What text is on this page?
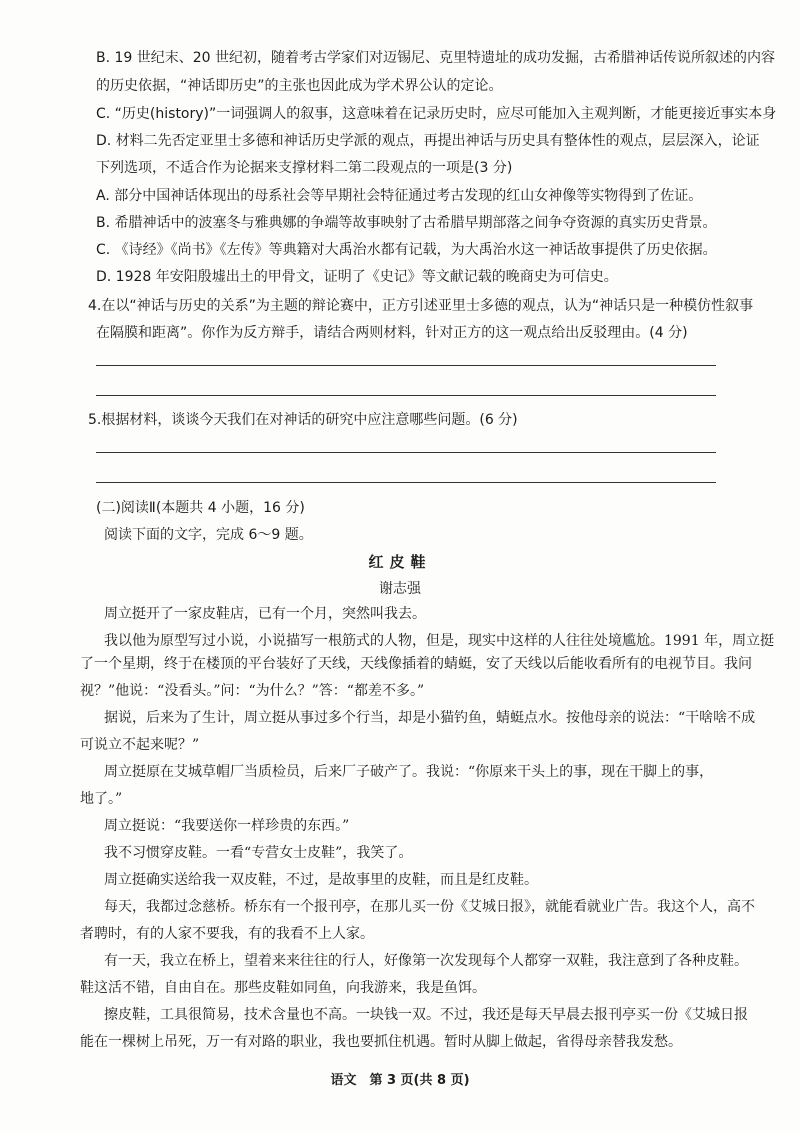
B. 19 世纪末、20 世纪初，随着考古学家们对迈锡尼、克里特遗址的成功发掘，古希腊神话传说所叙述的内容
的历史依据，“神话即历史”的主张也因此成为学术界公认的定论。
C. “历史(history)”一词强调人的叙事，这意味着在记录历史时，应尽可能加入主观判断，才能更接近事实本身
D. 材料二先否定亚里士多德和神话历史学派的观点，再提出神话与历史具有整体性的观点，层层深入，论证
下列选项，不适合作为论据来支撑材料二第二段观点的一项是(3 分)
A. 部分中国神话体现出的母系社会等早期社会特征通过考古发现的红山女神像等实物得到了佐证。
B. 希腊神话中的波塞冬与雅典娜的争端等故事映射了古希腊早期部落之间争夺资源的真实历史背景。
C. 《诗经》《尚书》《左传》等典籍对大禹治水都有记载，为大禹治水这一神话故事提供了历史依据。
D. 1928 年安阳殷墟出土的甲骨文，证明了《史记》等文献记载的晚商史为可信史。
4.在以“神话与历史的关系”为主题的辩论赛中，正方引述亚里士多德的观点，认为“神话只是一种模仿性叙事
在隔膜和距离”。你作为反方辩手，请结合两则材料，针对正方的这一观点给出反驳理由。(4 分)
5.根据材料，谈谈今天我们在对神话的研究中应注意哪些问题。(6 分)
(二)阅读Ⅱ(本题共 4 小题，16 分)
阅读下面的文字，完成 6～9 题。
红皮鞋
谢志强
周立挺开了一家皮鞋店，已有一个月，突然叫我去。
我以他为原型写过小说，小说描写一根筋式的人物，但是，现实中这样的人往往处境尴尬。1991 年，周立挺
了一个星期，终于在楼顶的平台装好了天线，天线像插着的蜻蜓，安了天线以后能收看所有的电视节目。我问
视？”他说：“没看头。”问：“为什么？”答：“都差不多。”
据说，后来为了生计，周立挺从事过多个行当，却是小猫钓鱼，蜻蜓点水。按他母亲的说法：“干啥啥不成
可说立不起来呢？”
周立挺原在艾城草帽厂当质检员，后来厂子破产了。我说：“你原来干头上的事，现在干脚上的事，
地了。”
周立挺说：“我要送你一样珍贵的东西。”
我不习惯穿皮鞋。一看“专营女士皮鞋”，我笑了。
周立挺确实送给我一双皮鞋，不过，是故事里的皮鞋，而且是红皮鞋。
每天，我都过念慈桥。桥东有一个报刊亭，在那儿买一份《艾城日报》，就能看就业广告。我这个人，高不
者聘时，有的人家不要我，有的我看不上人家。
有一天，我立在桥上，望着来来往往的行人，好像第一次发现每个人都穿一双鞋，我注意到了各种皮鞋。
鞋这活不错，自由自在。那些皮鞋如同鱼，向我游来，我是鱼饵。
擦皮鞋，工具很简易，技术含量也不高。一块钱一双。不过，我还是每天早晨去报刊亭买一份《艾城日报
能在一棵树上吊死，万一有对路的职业，我也要抓住机遇。暂时从脚上做起，省得母亲替我发愁。
语文　第 3 页(共 8 页)
